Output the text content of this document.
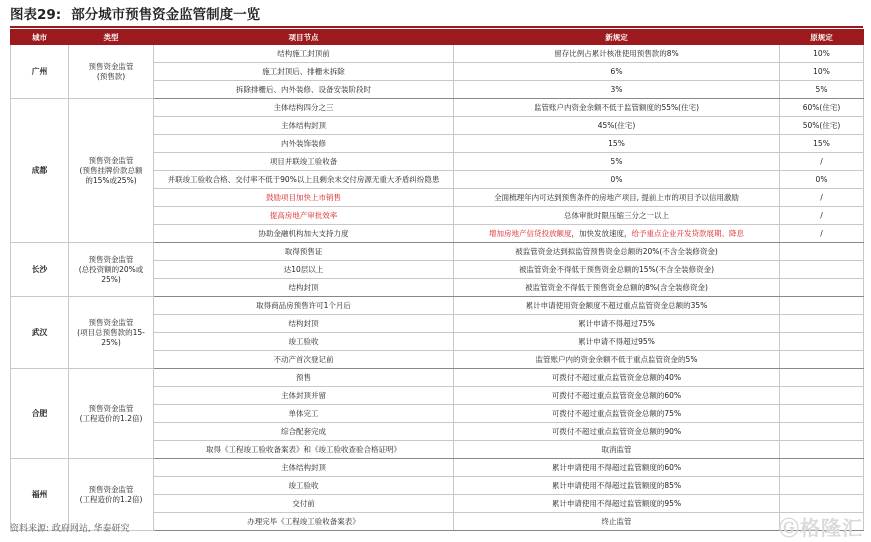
图表29: 部分城市预售资金监管制度一览
城市	类型	项目节点	新规定	原规定
广州	预售资金监管
(预售款)	结构施工封顶前	留存比例占累计核准使用预售款的8%	10%
		施工封顶后、排栅未拆除	6%	10%
		拆除排栅后、内外装修、设备安装阶段时	3%	5%
成都	预售资金监管
(预售挂牌价款总额
的15%或25%)	主体结构四分之三	监管账户内资金余额不低于监管额度的55%(住宅)	60%(住宅)
		主体结构封顶	45%(住宅)	50%(住宅)
		内外装饰装修	15%	15%
		项目并联竣工验收备	5%	/
		并联竣工验收合格、交付率不低于90%以上且剩余未交付房源无重大矛盾纠纷隐患	0%	0%
		鼓励项目加快上市销售	全面梳理年内可达到预售条件的房地产项目, 提前上市的项目予以信用激励	/
		提高房地产审批效率	总体审批时限压缩三分之一以上	/
		协助金融机构加大支持力度	增加房地产信贷投放额度，加快发放速度，给予重点企业开发贷款展期、降息	/
长沙	预售资金监管
(总投资额的20%或
25%)	取得预售证	被监管资金达到拟监管预售资金总额的20%(不含全装修资金)	
		达10层以上	被监管资金不得低于预售资金总额的15%(不含全装修资金)	
		结构封顶	被监管资金不得低于预售资金总额的8%(含全装修资金)	
武汉	预售资金监管
(项目总预售款的15-
25%)	取得商品房预售许可1个月后	累计申请使用资金额度不超过重点监管资金总额的35%	
		结构封顶	累计申请不得超过75%	
		竣工验收	累计申请不得超过95%	
		不动产首次登记前	监管账户内的资金余额不低于重点监管资金的5%	
合肥	预售资金监管
(工程造价的1.2倍)	预售	可拨付不超过重点监管资金总额的40%	
		主体封顶并留	可拨付不超过重点监管资金总额的60%	
		单体完工	可拨付不超过重点监管资金总额的75%	
		综合配套完成	可拨付不超过重点监管资金总额的90%	
		取得《工程竣工验收备案表》和《竣工验收查验合格证明》	取消监管	
福州	预售资金监管
(工程造价的1.2倍)	主体结构封顶	累计申请使用不得超过监管额度的60%	
		竣工验收	累计申请使用不得超过监管额度的85%	
		交付前	累计申请使用不得超过监管额度的95%	
		办理完毕《工程竣工验收备案表》	终止监管	
资料来源: 政府网站, 华泰研究	Ⓖ格隆汇
